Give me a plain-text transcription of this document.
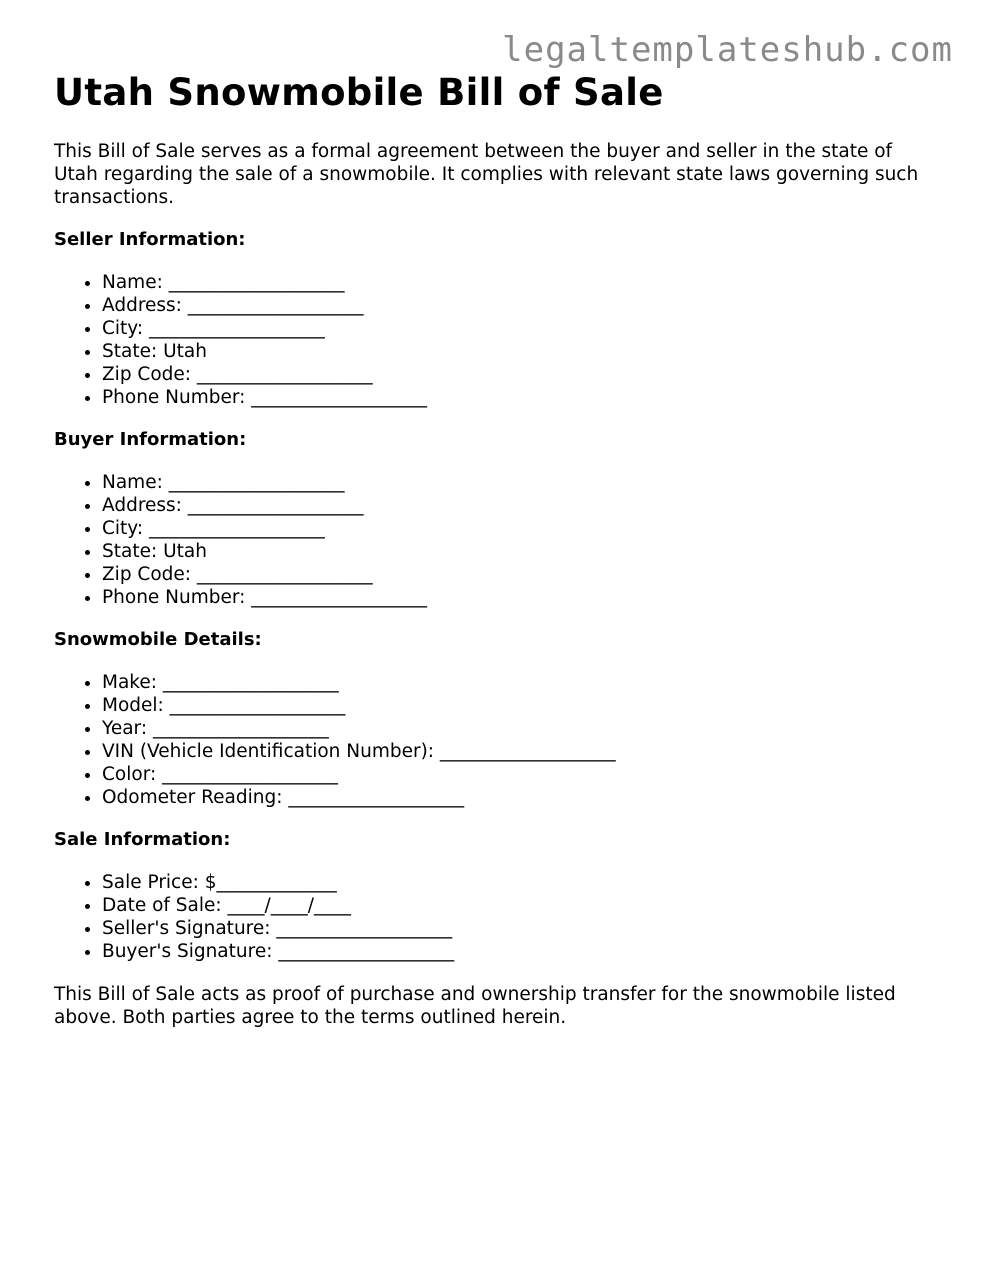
legaltemplateshub.com
Utah Snowmobile Bill of Sale

This Bill of Sale serves as a formal agreement between the buyer and seller in the state of Utah regarding the sale of a snowmobile. It complies with relevant state laws governing such transactions.

Seller Information:
• Name: ___________________
• Address: ___________________
• City: ___________________
• State: Utah
• Zip Code: ___________________
• Phone Number: ___________________
Buyer Information:
• Name: ___________________
• Address: ___________________
• City: ___________________
• State: Utah
• Zip Code: ___________________
• Phone Number: ___________________
Snowmobile Details:
• Make: ___________________
• Model: ___________________
• Year: ___________________
• VIN (Vehicle Identification Number): ___________________
• Color: ___________________
• Odometer Reading: ___________________
Sale Information:
• Sale Price: $_____________
• Date of Sale: ____/____/____
• Seller's Signature: ___________________
• Buyer's Signature: ___________________

This Bill of Sale acts as proof of purchase and ownership transfer for the snowmobile listed above. Both parties agree to the terms outlined herein.
